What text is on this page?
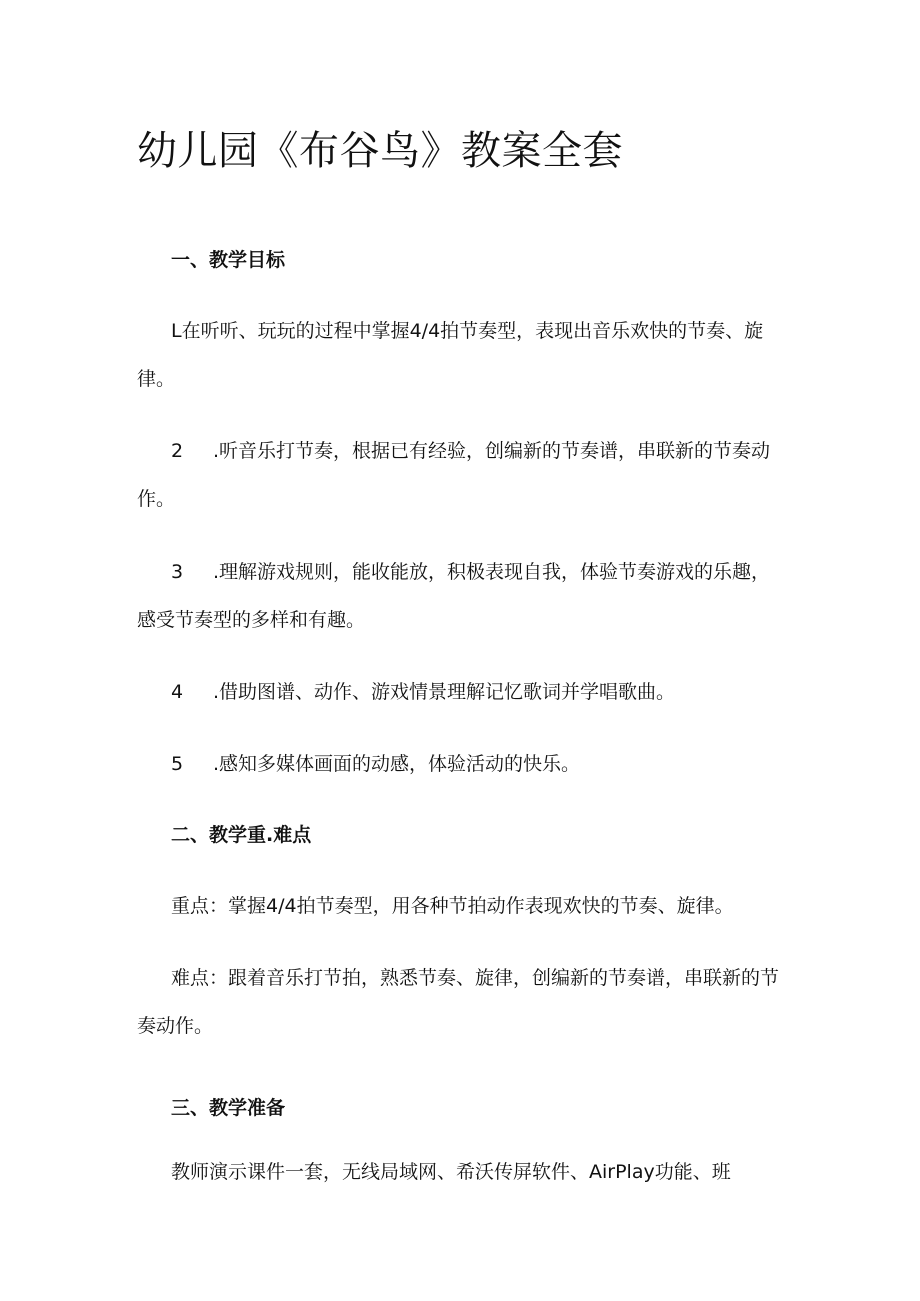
幼儿园《布谷鸟》教案全套
一、教学目标

L在听听、玩玩的过程中掌握4/4拍节奏型，表现出音乐欢快的节奏、旋律。

2 .听音乐打节奏，根据已有经验，创编新的节奏谱，串联新的节奏动作。

3 .理解游戏规则，能收能放，积极表现自我，体验节奏游戏的乐趣，感受节奏型的多样和有趣。

4 .借助图谱、动作、游戏情景理解记忆歌词并学唱歌曲。

5 .感知多媒体画面的动感，体验活动的快乐。

二、教学重.难点

重点：掌握4/4拍节奏型，用各种节拍动作表现欢快的节奏、旋律。

难点：跟着音乐打节拍，熟悉节奏、旋律，创编新的节奏谱，串联新的节奏动作。

三、教学准备

教师演示课件一套，无线局域网、希沃传屏软件、AirPlay功能、班
